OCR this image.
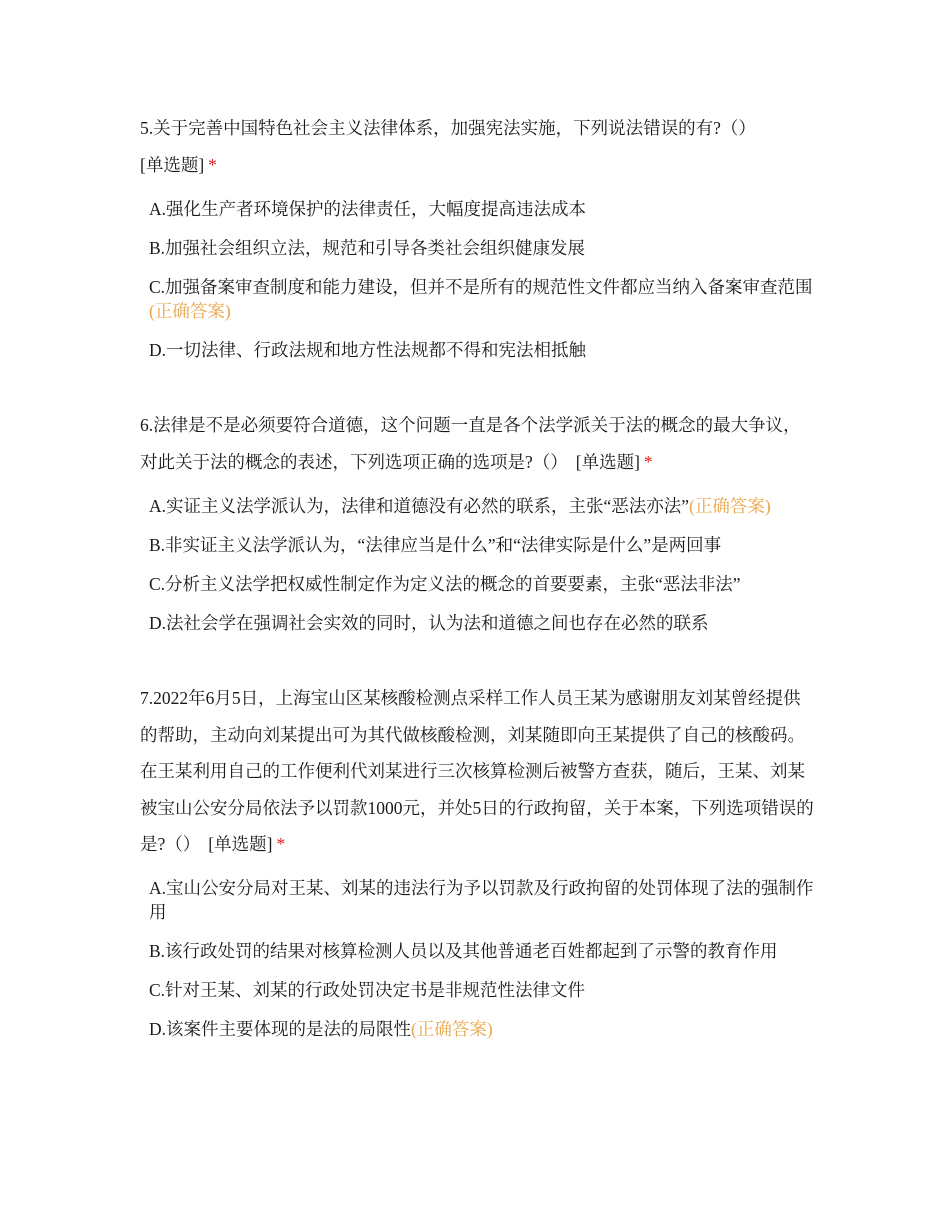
5.关于完善中国特色社会主义法律体系，加强宪法实施，下列说法错误的有?（）
[单选题] *
A.强化生产者环境保护的法律责任，大幅度提高违法成本
B.加强社会组织立法，规范和引导各类社会组织健康发展
C.加强备案审查制度和能力建设，但并不是所有的规范性文件都应当纳入备案审查范围(正确答案)
D.一切法律、行政法规和地方性法规都不得和宪法相抵触
6.法律是不是必须要符合道德，这个问题一直是各个法学派关于法的概念的最大争议，对此关于法的概念的表述，下列选项正确的选项是?（） [单选题] *
A.实证主义法学派认为，法律和道德没有必然的联系，主张“恶法亦法”(正确答案)
B.非实证主义法学派认为，“法律应当是什么”和“法律实际是什么”是两回事
C.分析主义法学把权威性制定作为定义法的概念的首要要素，主张“恶法非法”
D.法社会学在强调社会实效的同时，认为法和道德之间也存在必然的联系
7.2022年6月5日，上海宝山区某核酸检测点采样工作人员王某为感谢朋友刘某曾经提供的帮助，主动向刘某提出可为其代做核酸检测，刘某随即向王某提供了自己的核酸码。在王某利用自己的工作便利代刘某进行三次核算检测后被警方查获，随后，王某、刘某被宝山公安分局依法予以罚款1000元，并处5日的行政拘留，关于本案，下列选项错误的是?（） [单选题] *
A.宝山公安分局对王某、刘某的违法行为予以罚款及行政拘留的处罚体现了法的强制作用
B.该行政处罚的结果对核算检测人员以及其他普通老百姓都起到了示警的教育作用
C.针对王某、刘某的行政处罚决定书是非规范性法律文件
D.该案件主要体现的是法的局限性(正确答案)
